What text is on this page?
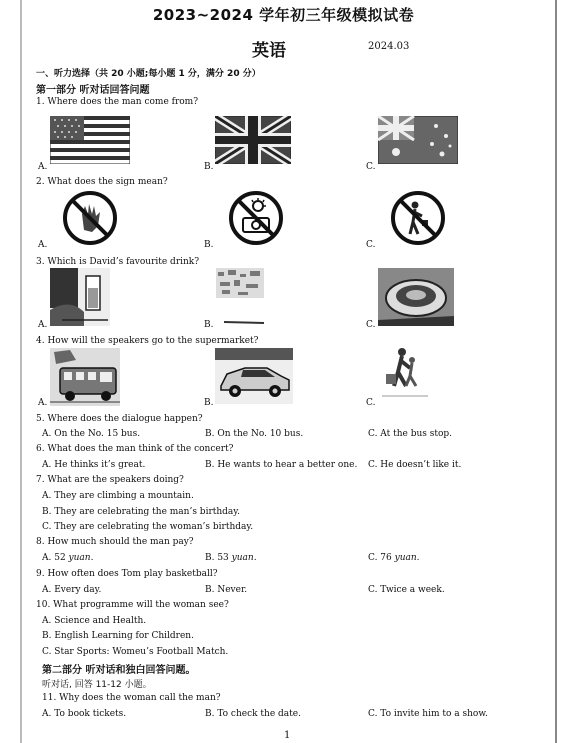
2023~2024 学年初三年级模拟试卷
英语	2024.03
一、听力选择（共 20 小题;每小题 1 分，满分 20 分）
第一部分 听对话回答问题
1. Where does the man come from?
A.	B.	C.
2. What does the sign mean?
A.	B.	C.
3. Which is David’s favourite drink?
A.	B.	C.
4. How will the speakers go to the supermarket?
A.	B.	C.
5. Where does the dialogue happen?
A. On the No. 15 bus.	B. On the No. 10 bus.	C. At the bus stop.
6. What does the man think of the concert?
A. He thinks it’s great.	B. He wants to hear a better one. C. He doesn’t like it.
7. What are the speakers doing?
A. They are climbing a mountain.
B. They are celebrating the man’s birthday.
C. They are celebrating the woman’s birthday.
8. How much should the man pay?
A. 52 yuan.	B. 53 yuan.	C. 76 yuan.
9. How often does Tom play basketball?
A. Every day.	B. Never.	C. Twice a week.
10. What programme will the woman see?
A. Science and Health.
B. English Learning for Children.
C. Star Sports: Womeu’s Football Match.
第二部分 听对话和独白回答问题。
听对话, 回答 11-12 小题。
11. Why does the woman call the man?
A. To book tickets.	B. To check the date.	C. To invite him to a show.
1
